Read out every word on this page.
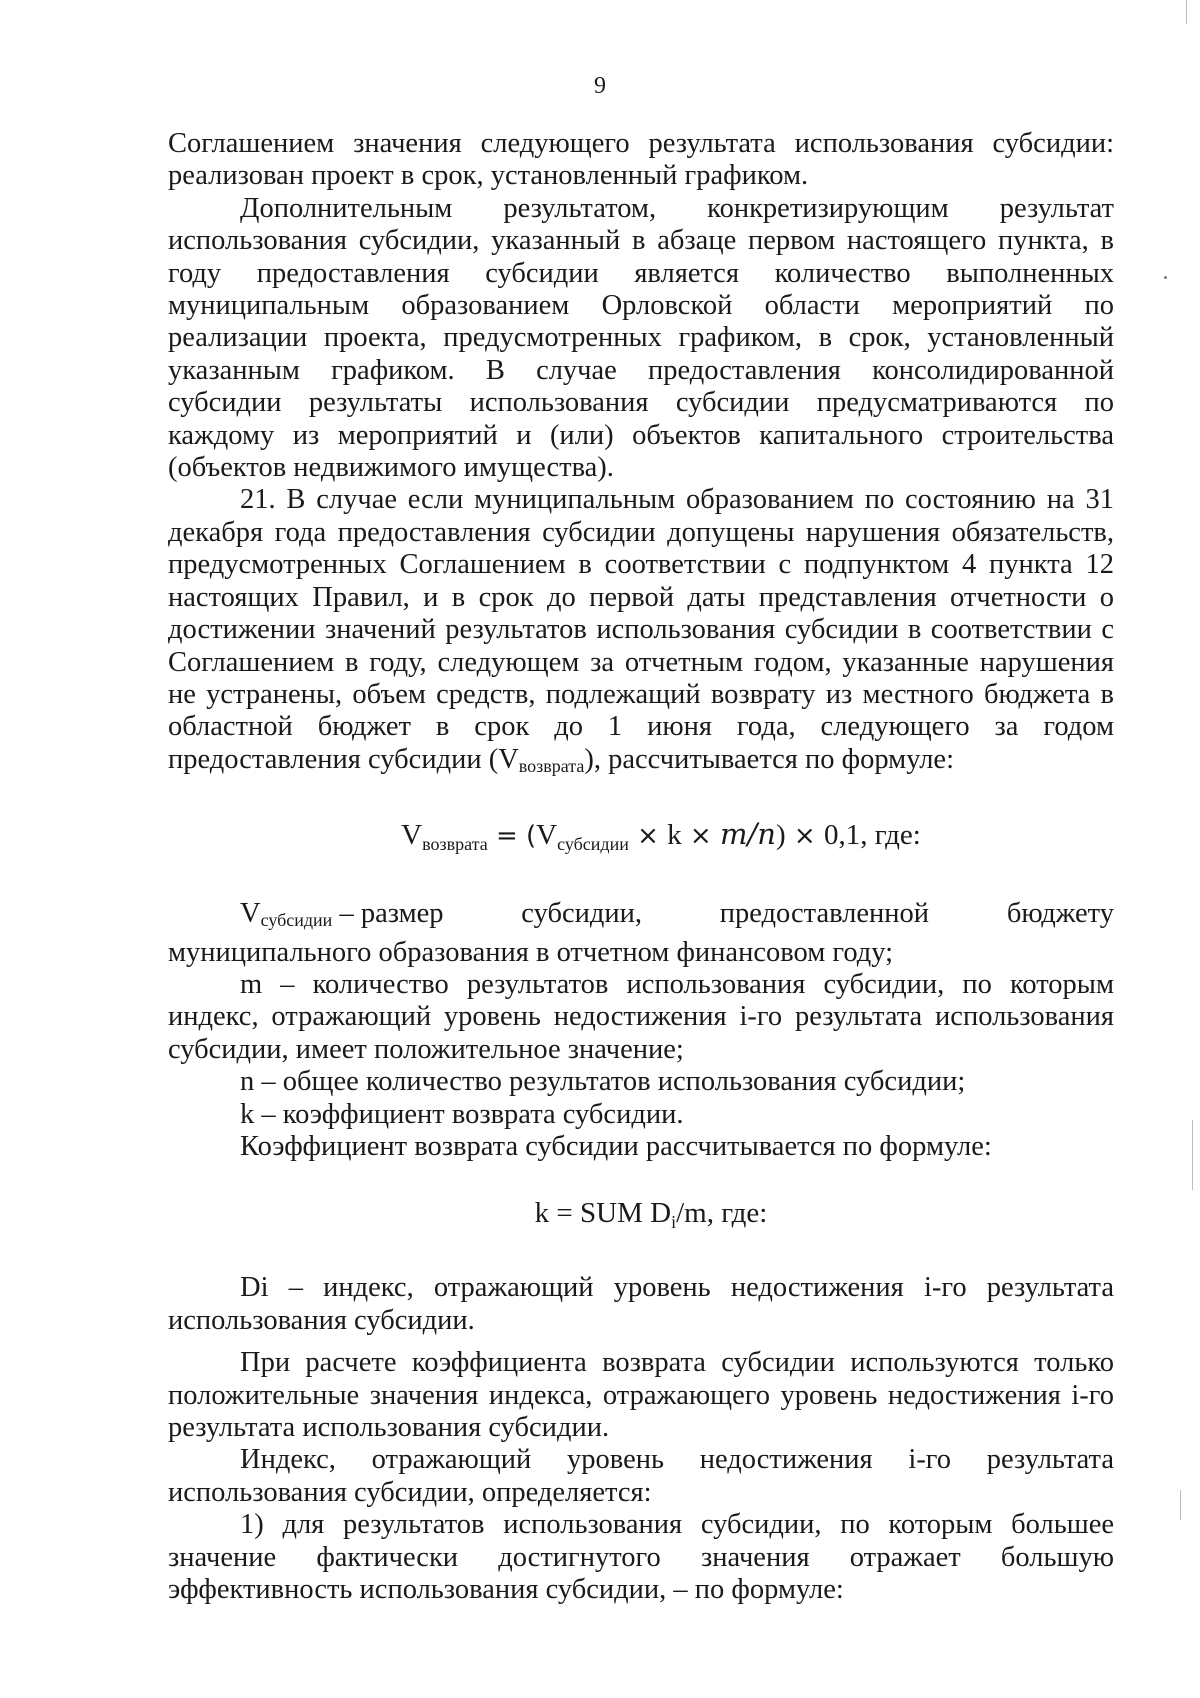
9

Соглашением значения следующего результата использования субсидии: реализован проект в срок, установленный графиком.

Дополнительным результатом, конкретизирующим результат использования субсидии, указанный в абзаце первом настоящего пункта, в году предоставления субсидии является количество выполненных муниципальным образованием Орловской области мероприятий по реализации проекта, предусмотренных графиком, в срок, установленный указанным графиком. В случае предоставления консолидированной субсидии результаты использования субсидии предусматриваются по каждому из мероприятий и (или) объектов капитального строительства (объектов недвижимого имущества).

21. В случае если муниципальным образованием по состоянию на 31 декабря года предоставления субсидии допущены нарушения обязательств, предусмотренных Соглашением в соответствии с подпунктом 4 пункта 12 настоящих Правил, и в срок до первой даты представления отчетности о достижении значений результатов использования субсидии в соответствии с Соглашением в году, следующем за отчетным годом, указанные нарушения не устранены, объем средств, подлежащий возврату из местного бюджета в областной бюджет в срок до 1 июня года, следующего за годом предоставления субсидии (Vвозврата), рассчитывается по формуле:

$V_{возврата} = (V_{субсидии} \times k \times m/n) \times 0,1$, где:

Vсубсидии – размер	субсидии,	предоставленной	бюджету

муниципального образования в отчетном финансовом году;

m – количество результатов использования субсидии, по которым индекс, отражающий уровень недостижения i-го результата использования субсидии, имеет положительное значение;

n – общее количество результатов использования субсидии;

k – коэффициент возврата субсидии.

Коэффициент возврата субсидии рассчитывается по формуле:

k = SUM $D_i/m$, где:

Di – индекс, отражающий уровень недостижения i-го результата использования субсидии.

При расчете коэффициента возврата субсидии используются только положительные значения индекса, отражающего уровень недостижения i-го результата использования субсидии.

Индекс, отражающий уровень недостижения i-го результата использования субсидии, определяется:

1) для результатов использования субсидии, по которым большее значение фактически достигнутого значения отражает большую эффективность использования субсидии, – по формуле:
